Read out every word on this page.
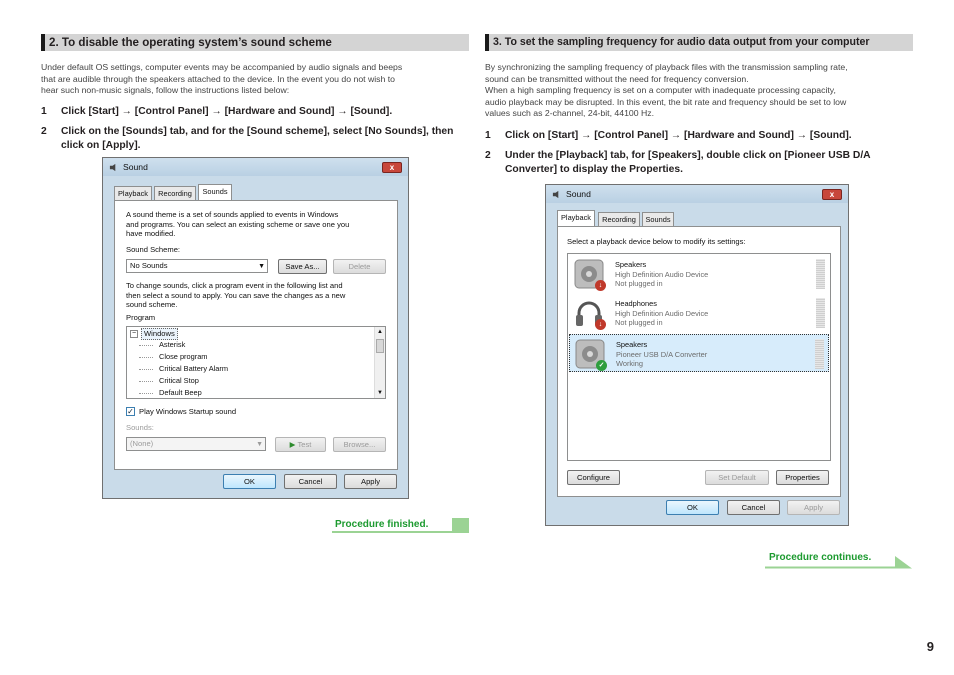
2. To disable the operating system’s sound scheme

Under default OS settings, computer events may be accompanied by audio signals and beeps

that are audible through the speakers attached to the device. In the event you do not wish to

hear such non-music signals, follow the instructions listed below:

1	Click [Start] → [Control Panel] → [Hardware and Sound] → [Sound].
2	Click on the [Sounds] tab, and for the [Sound scheme], select [No Sounds], then click on [Apply].
3. To set the sampling frequency for audio data output from your computer

By synchronizing the sampling frequency of playback files with the transmission sampling rate,

sound can be transmitted without the need for frequency conversion.

When a high sampling frequency is set on a computer with inadequate processing capacity,

audio playback may be disrupted. In this event, the bit rate and frequency should be set to low

values such as 2-channel, 24-bit, 44100 Hz.

1	Click on [Start] → [Control Panel] → [Hardware and Sound] → [Sound].
2	Under the [Playback] tab, for [Speakers], double click on [Pioneer USB D/A Converter] to display the Properties.
Sound	x
Playback	Recording	Sounds
A sound theme is a set of sounds applied to events in Windows
and programs. You can select an existing scheme or save one you
have modified.
Sound Scheme:
No Sounds	▼	Save As...	Delete
To change sounds, click a program event in the following list and
then select a sound to apply. You can save the changes as a new
sound scheme.
Program
−	Windows
Asterisk
Close program
Critical Battery Alarm
Critical Stop
Default Beep
▲
▼
✓ Play Windows Startup sound
Sounds:
(None)	▼	▶ Test	Browse...
OK	Cancel	Apply
Sound	x
Playback	Recording	Sounds
Select a playback device below to modify its settings:
↓
Speakers
High Definition Audio Device
Not plugged in
↓
Headphones
High Definition Audio Device
Not plugged in
✓
Speakers
Pioneer USB D/A Converter
Working
Configure	Set Default	Properties
OK	Cancel	Apply
Procedure finished.
Procedure continues.
9
